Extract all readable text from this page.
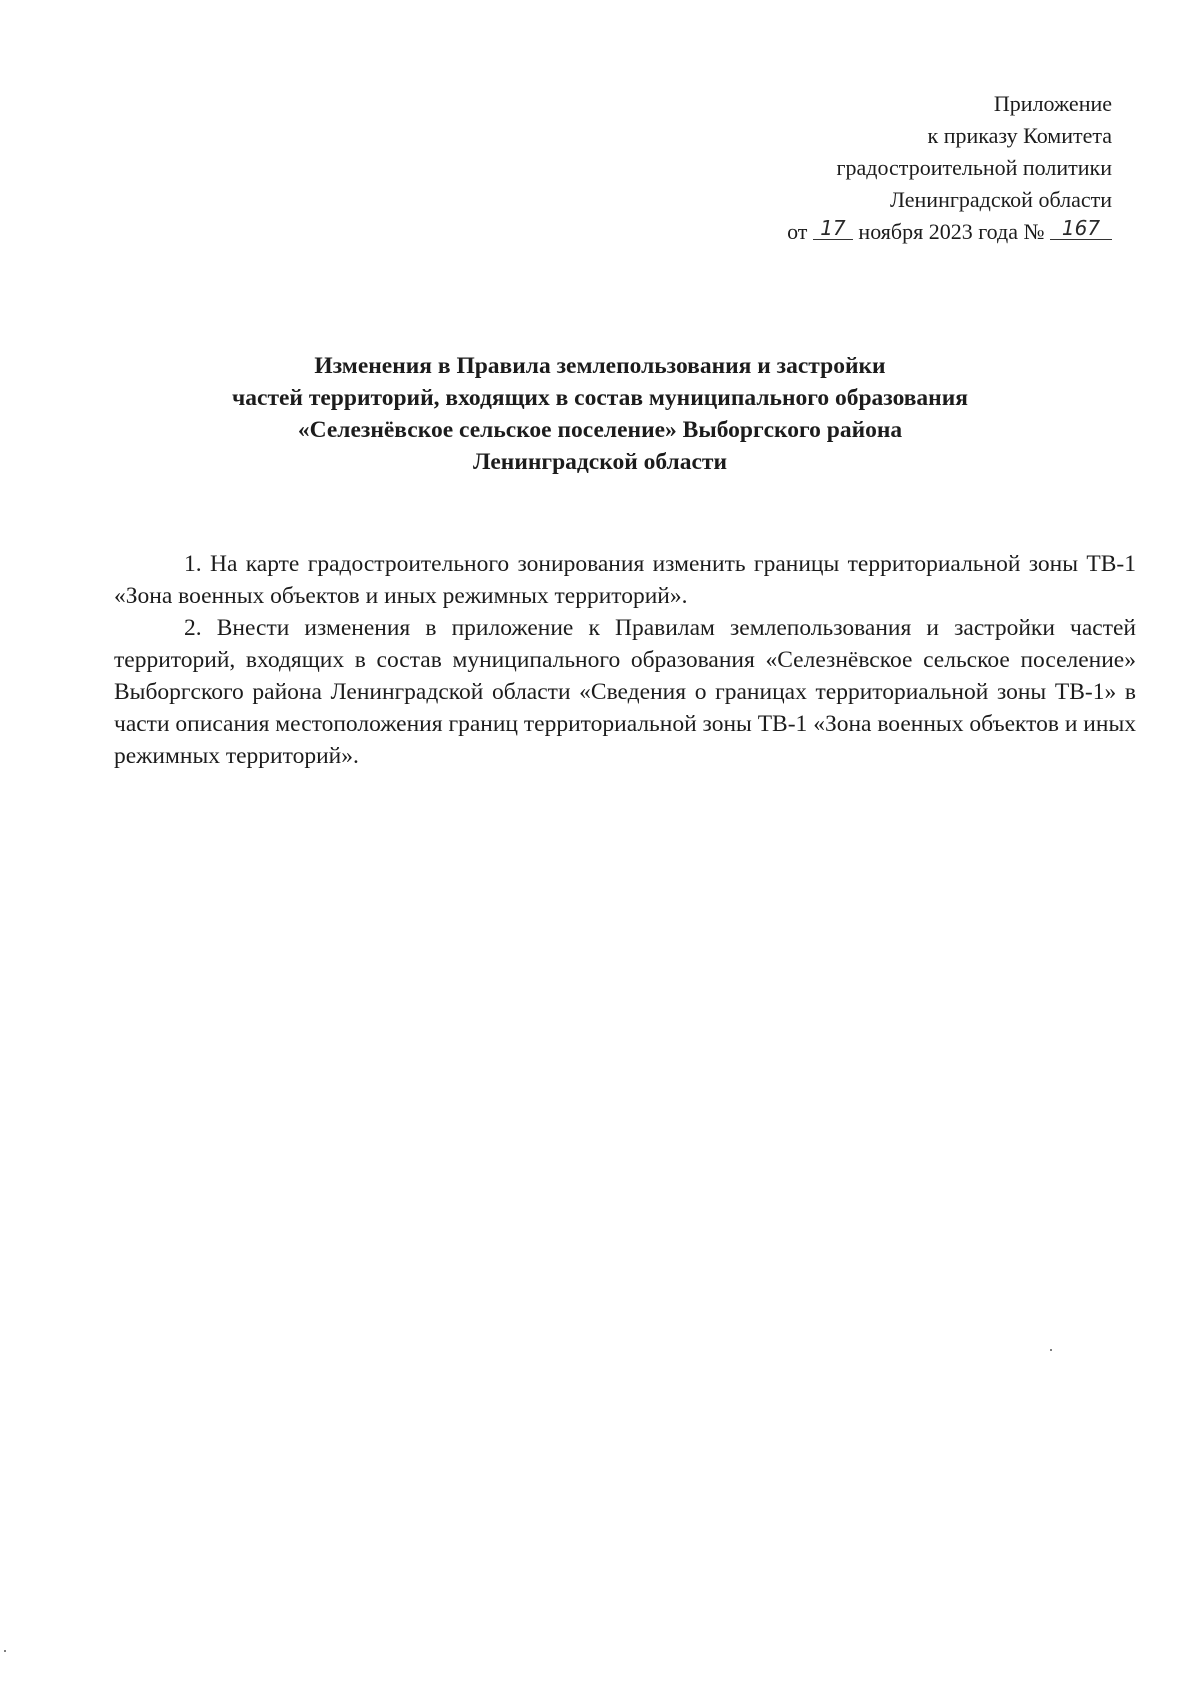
Приложение
к приказу Комитета
градостроительной политики
Ленинградской области
от 17 ноября 2023 года № 167
Изменения в Правила землепользования и застройки
частей территорий, входящих в состав муниципального образования
«Селезнёвское сельское поселение» Выборгского района
Ленинградской области

1. На карте градостроительного зонирования изменить границы территориальной зоны ТВ-1 «Зона военных объектов и иных режимных территорий».

2. Внести изменения в приложение к Правилам землепользования и застройки частей территорий, входящих в состав муниципального образования «Селезнёвское сельское поселение» Выборгского района Ленинградской области «Сведения о границах территориальной зоны ТВ-1» в части описания местоположения границ территориальной зоны ТВ-1 «Зона военных объектов и иных режимных территорий».
